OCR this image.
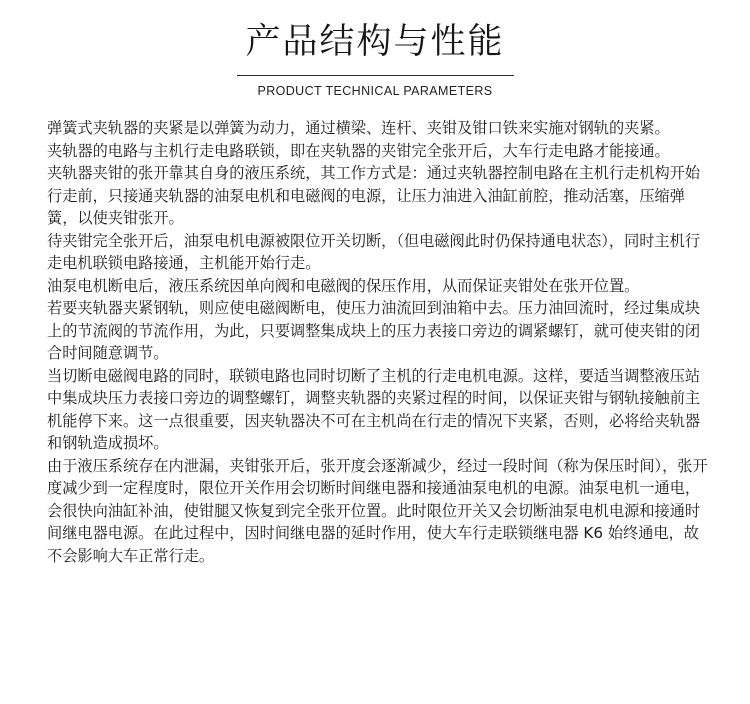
产品结构与性能
PRODUCT TECHNICAL PARAMETERS

弹簧式夹轨器的夹紧是以弹簧为动力，通过横梁、连杆、夹钳及钳口铁来实施对钢轨的夹紧。

夹轨器的电路与主机行走电路联锁，即在夹轨器的夹钳完全张开后，大车行走电路才能接通。

夹轨器夹钳的张开靠其自身的液压系统，其工作方式是：通过夹轨器控制电路在主机行走机构开始行走前，只接通夹轨器的油泵电机和电磁阀的电源，让压力油进入油缸前腔，推动活塞，压缩弹簧，以使夹钳张开。

待夹钳完全张开后，油泵电机电源被限位开关切断，（但电磁阀此时仍保持通电状态），同时主机行走电机联锁电路接通，主机能开始行走。

油泵电机断电后，液压系统因单向阀和电磁阀的保压作用，从而保证夹钳处在张开位置。

若要夹轨器夹紧钢轨，则应使电磁阀断电，使压力油流回到油箱中去。压力油回流时，经过集成块上的节流阀的节流作用，为此，只要调整集成块上的压力表接口旁边的调紧螺钉，就可使夹钳的闭合时间随意调节。

当切断电磁阀电路的同时，联锁电路也同时切断了主机的行走电机电源。这样，要适当调整液压站中集成块压力表接口旁边的调整螺钉，调整夹轨器的夹紧过程的时间，以保证夹钳与钢轨接触前主机能停下来。这一点很重要，因夹轨器决不可在主机尚在行走的情况下夹紧，否则，必将给夹轨器和钢轨造成损坏。

由于液压系统存在内泄漏，夹钳张开后，张开度会逐渐减少，经过一段时间（称为保压时间），张开度减少到一定程度时，限位开关作用会切断时间继电器和接通油泵电机的电源。油泵电机一通电，会很快向油缸补油，使钳腿又恢复到完全张开位置。此时限位开关又会切断油泵电机电源和接通时间继电器电源。在此过程中，因时间继电器的延时作用，使大车行走联锁继电器 K6 始终通电，故不会影响大车正常行走。
